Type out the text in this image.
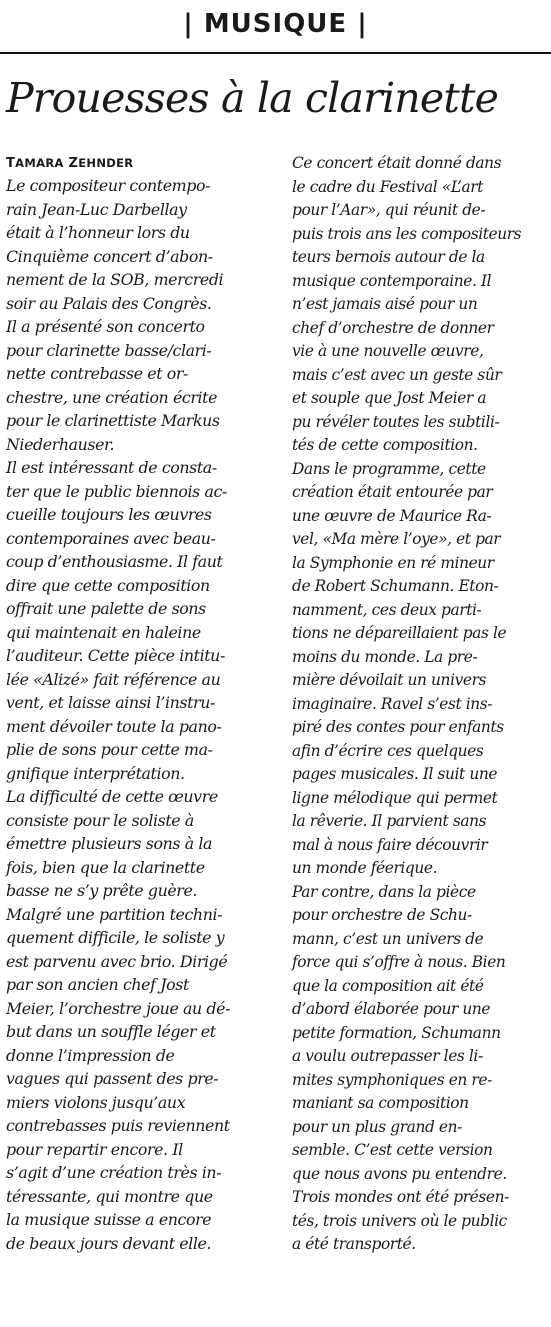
| MUSIQUE |
Prouesses à la clarinette
TAMARA ZEHNDER
Le compositeur contempo-
rain Jean-Luc Darbellay
était à l’honneur lors du
Cinquième concert d’abon-
nement de la SOB, mercredi
soir au Palais des Congrès.
Il a présenté son concerto
pour clarinette basse/clari-
nette contrebasse et or-
chestre, une création écrite
pour le clarinettiste Markus
Niederhauser.
Il est intéressant de consta-
ter que le public biennois ac-
cueille toujours les œuvres
contemporaines avec beau-
coup d’enthousiasme. Il faut
dire que cette composition
offrait une palette de sons
qui maintenait en haleine
l’auditeur. Cette pièce intitu-
lée «Alizé» fait référence au
vent, et laisse ainsi l’instru-
ment dévoiler toute la pano-
plie de sons pour cette ma-
gnifique interprétation.
La difficulté de cette œuvre
consiste pour le soliste à
émettre plusieurs sons à la
fois, bien que la clarinette
basse ne s’y prête guère.
Malgré une partition techni-
quement difficile, le soliste y
est parvenu avec brio. Dirigé
par son ancien chef Jost
Meier, l’orchestre joue au dé-
but dans un souffle léger et
donne l’impression de
vagues qui passent des pre-
miers violons jusqu’aux
contrebasses puis reviennent
pour repartir encore. Il
s’agit d’une création très in-
téressante, qui montre que
la musique suisse a encore
de beaux jours devant elle.
Ce concert était donné dans
le cadre du Festival «L’art
pour l’Aar», qui réunit de-
puis trois ans les compositeurs
teurs bernois autour de la
musique contemporaine. Il
n’est jamais aisé pour un
chef d’orchestre de donner
vie à une nouvelle œuvre,
mais c’est avec un geste sûr
et souple que Jost Meier a
pu révéler toutes les subtili-
tés de cette composition.
Dans le programme, cette
création était entourée par
une œuvre de Maurice Ra-
vel, «Ma mère l’oye», et par
la Symphonie en ré mineur
de Robert Schumann. Eton-
namment, ces deux parti-
tions ne dépareillaient pas le
moins du monde. La pre-
mière dévoilait un univers
imaginaire. Ravel s’est ins-
piré des contes pour enfants
afin d’écrire ces quelques
pages musicales. Il suit une
ligne mélodique qui permet
la rêverie. Il parvient sans
mal à nous faire découvrir
un monde féerique.
Par contre, dans la pièce
pour orchestre de Schu-
mann, c’est un univers de
force qui s’offre à nous. Bien
que la composition ait été
d’abord élaborée pour une
petite formation, Schumann
a voulu outrepasser les li-
mites symphoniques en re-
maniant sa composition
pour un plus grand en-
semble. C’est cette version
que nous avons pu entendre.
Trois mondes ont été présen-
tés, trois univers où le public
a été transporté.
